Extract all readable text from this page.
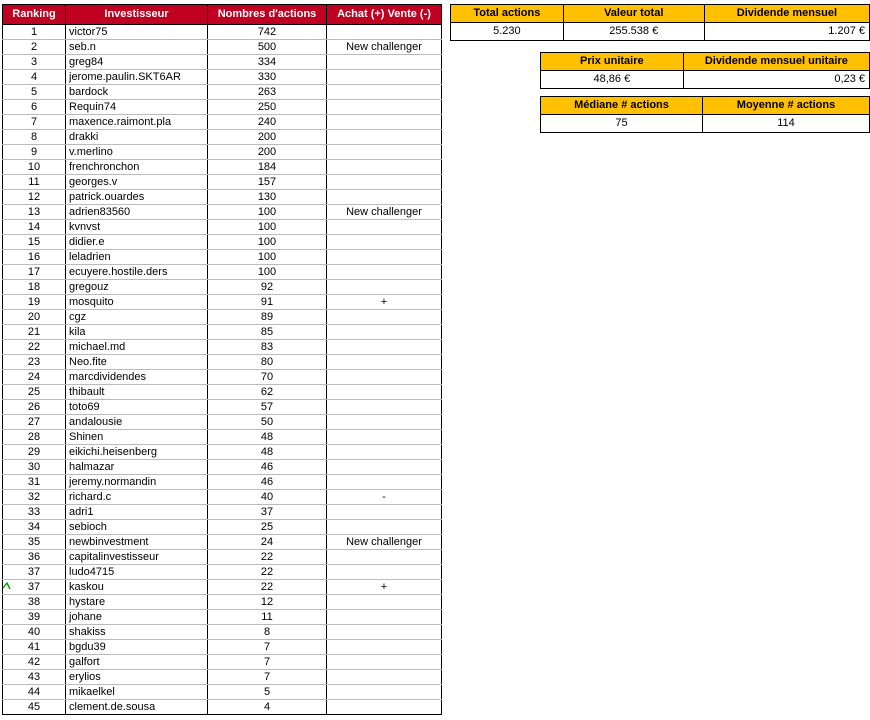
Ranking	Investisseur	Nombres d'actions	Achat (+) Vente (-)
1	victor75	742	
2	seb.n	500	New challenger
3	greg84	334	
4	jerome.paulin.SKT6AR	330	
5	bardock	263	
6	Requin74	250	
7	maxence.raimont.pla	240	
8	drakki	200	
9	v.merlino	200	
10	frenchronchon	184	
11	georges.v	157	
12	patrick.ouardes	130	
13	adrien83560	100	New challenger
14	kvnvst	100	
15	didier.e	100	
16	leladrien	100	
17	ecuyere.hostile.ders	100	
18	gregouz	92	
19	mosquito	91	+
20	cgz	89	
21	kila	85	
22	michael.md	83	
23	Neo.fite	80	
24	marcdividendes	70	
25	thibault	62	
26	toto69	57	
27	andalousie	50	
28	Shinen	48	
29	eikichi.heisenberg	48	
30	halmazar	46	
31	jeremy.normandin	46	
32	richard.c	40	-
33	adri1	37	
34	sebioch	25	
35	newbinvestment	24	New challenger
36	capitalinvestisseur	22	
37	ludo4715	22	

37	kaskou	22	+
38	hystare	12	
39	johane	11	
40	shakiss	8	
41	bgdu39	7	
42	galfort	7	
43	erylios	7	
44	mikaelkel	5	
45	clement.de.sousa	4	
Total actions	Valeur total	Dividende mensuel
5.230	255.538 €	1.207 €
Prix unitaire	Dividende mensuel unitaire
48,86 €	0,23 €
Médiane # actions	Moyenne # actions
75	114
